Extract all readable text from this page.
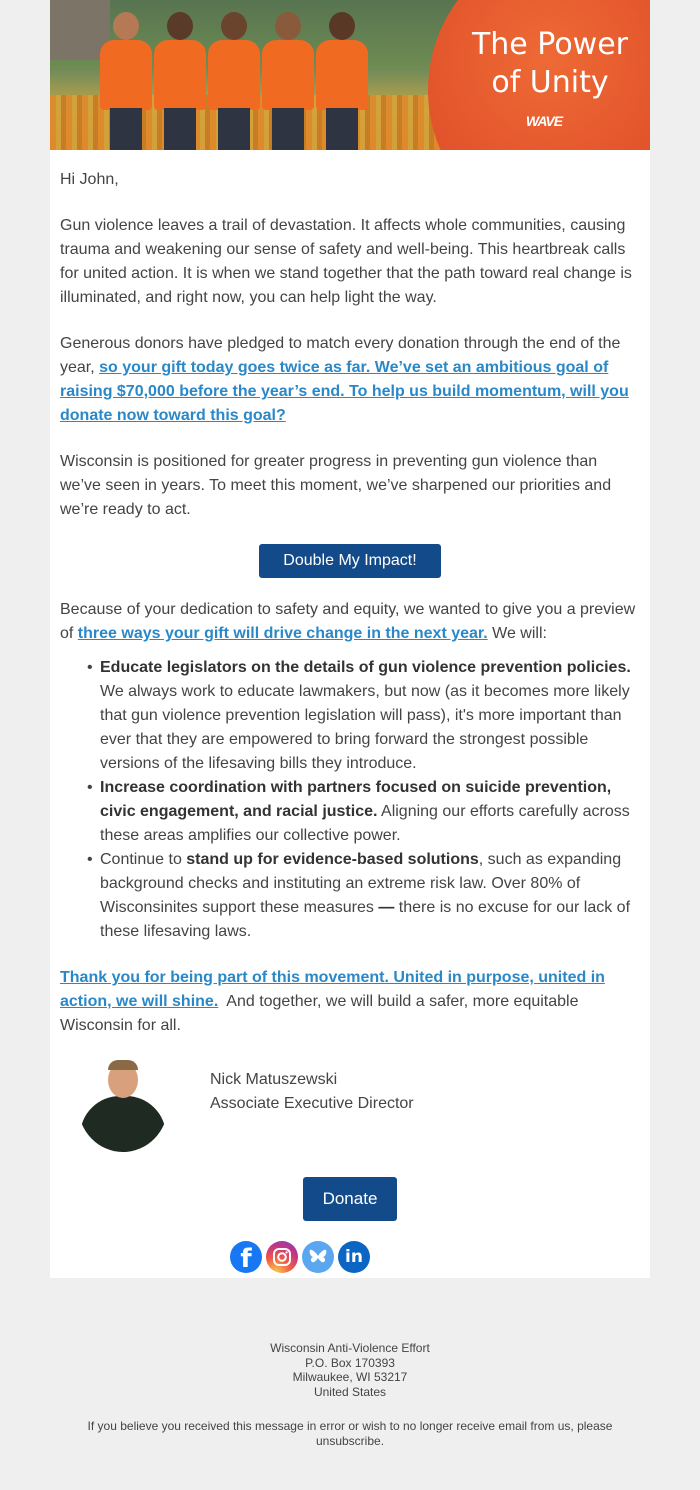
The Power
of Unity
WAVE

Hi John,

Gun violence leaves a trail of devastation. It affects whole communities, causing trauma and weakening our sense of safety and well-being. This heartbreak calls for united action. It is when we stand together that the path toward real change is illuminated, and right now, you can help light the way.

Generous donors have pledged to match every donation through the end of the year, so your gift today goes twice as far. We’ve set an ambitious goal of raising $70,000 before the year’s end. To help us build momentum, will you donate now toward this goal?

Wisconsin is positioned for greater progress in preventing gun violence than we’ve seen in years. To meet this moment, we’ve sharpened our priorities and we’re ready to act.

Double My Impact!

Because of your dedication to safety and equity, we wanted to give you a preview of three ways your gift will drive change in the next year. We will:

• Educate legislators on the details of gun violence prevention policies. We always work to educate lawmakers, but now (as it becomes more likely that gun violence prevention legislation will pass), it's more important than ever that they are empowered to bring forward the strongest possible versions of the lifesaving bills they introduce.
• Increase coordination with partners focused on suicide prevention, civic engagement, and racial justice. Aligning our efforts carefully across these areas amplifies our collective power.
• Continue to stand up for evidence-based solutions, such as expanding background checks and instituting an extreme risk law. Over 80% of Wisconsinites support these measures — there is no excuse for our lack of these lifesaving laws.

Thank you for being part of this movement. United in purpose, united in action, we will shine.  And together, we will build a safer, more equitable Wisconsin for all.

Nick Matuszewski
Associate Executive Director
Donate
f	in
Wisconsin Anti-Violence Effort
P.O. Box 170393
Milwaukee, WI 53217
United States
If you believe you received this message in error or wish to no longer receive email from us, please unsubscribe.
